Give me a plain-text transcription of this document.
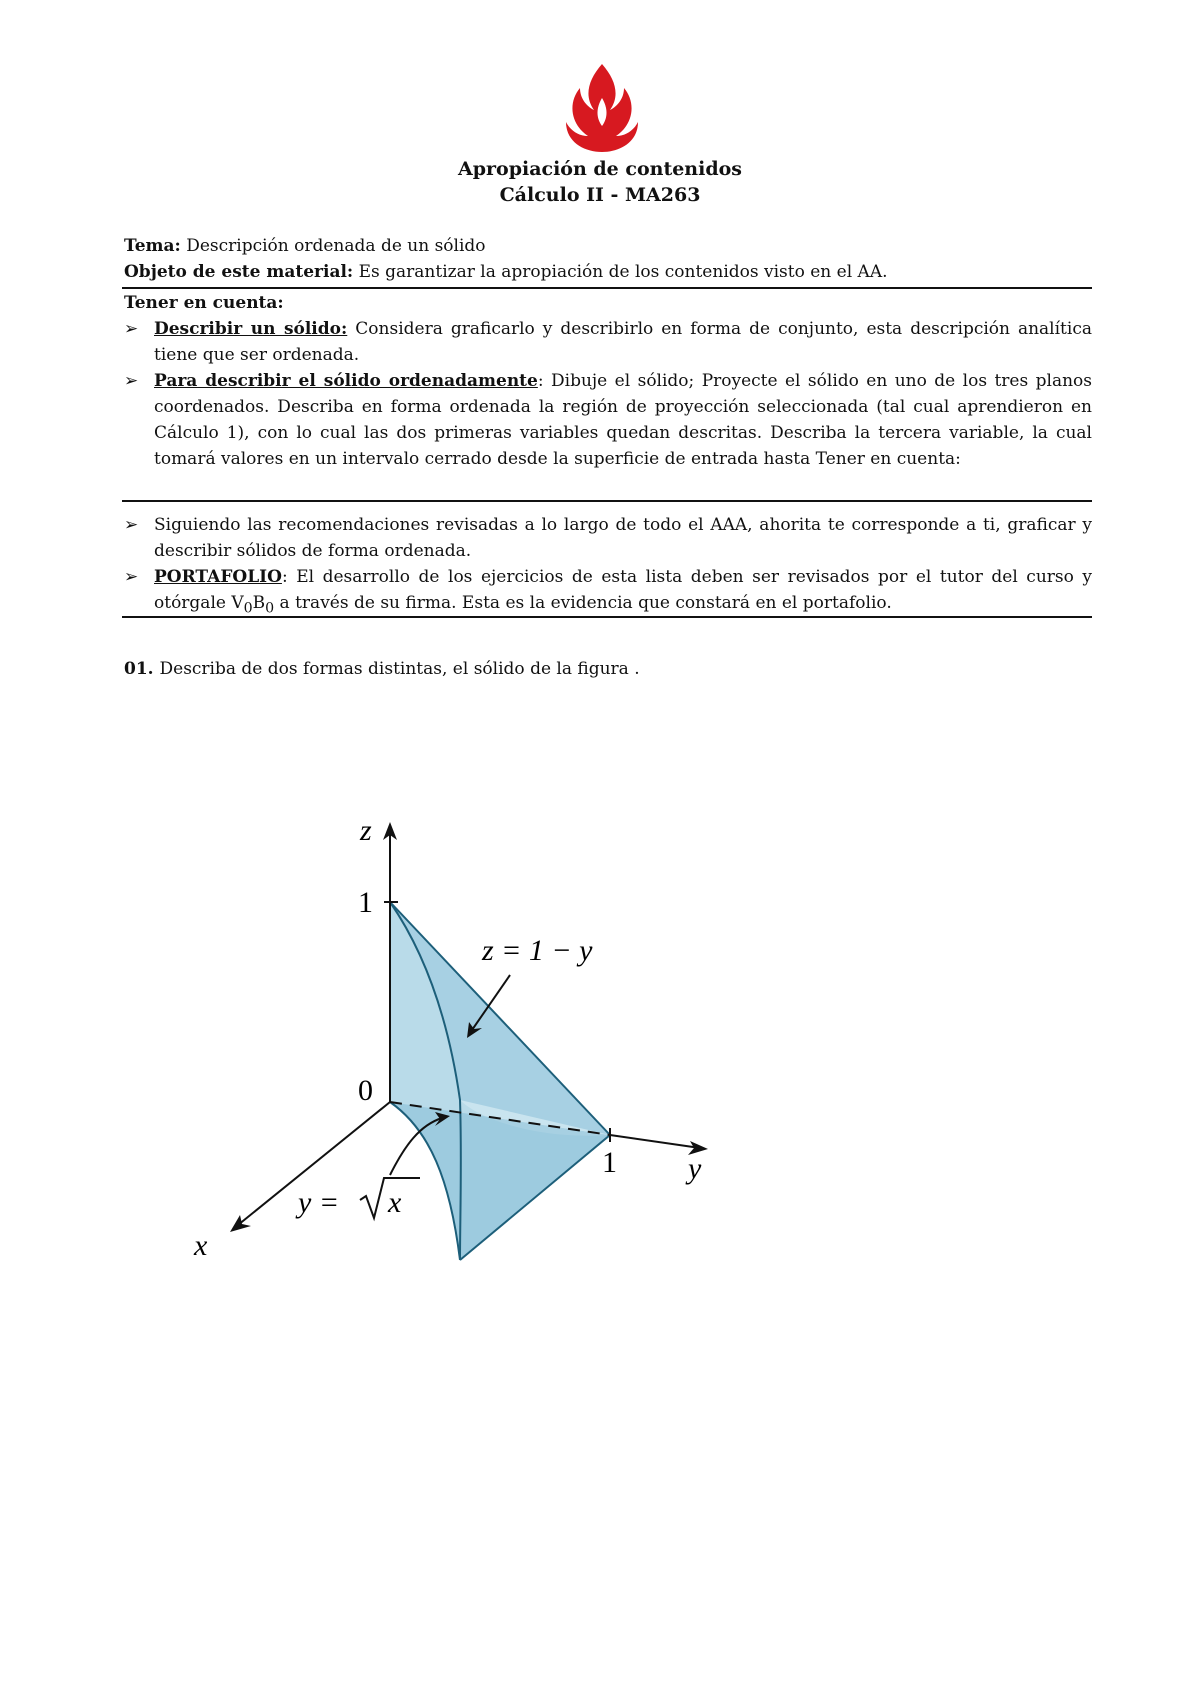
Apropiación de contenidos
Cálculo II - MA263
Tema: Descripción ordenada de un sólido
Objeto de este material: Es garantizar la apropiación de los contenidos visto en el AA.
Tener en cuenta:
➢ Describir un sólido: Considera graficarlo y describirlo en forma de conjunto, esta descripción analítica tiene que ser ordenada.
➢ Para describir el sólido ordenadamente: Dibuje el sólido; Proyecte el sólido en uno de los tres planos coordenados. Describa en forma ordenada la región de proyección seleccionada (tal cual aprendieron en Cálculo 1), con lo cual las dos primeras variables quedan descritas. Describa la tercera variable, la cual tomará valores en un intervalo cerrado desde la superficie de entrada hasta Tener en cuenta:
➢ Siguiendo las recomendaciones revisadas a lo largo de todo el AAA, ahorita te corresponde a ti, graficar y describir sólidos de forma ordenada.
➢ PORTAFOLIO: El desarrollo de los ejercicios de esta lista deben ser revisados por el tutor del curso y otórgale $V_0B_0$ a través de su firma. Esta es la evidencia que constará en el portafolio.
01. Describa de dos formas distintas, el sólido de la figura .
z
1
0
1 y
x
z = 1 − y
y = x
